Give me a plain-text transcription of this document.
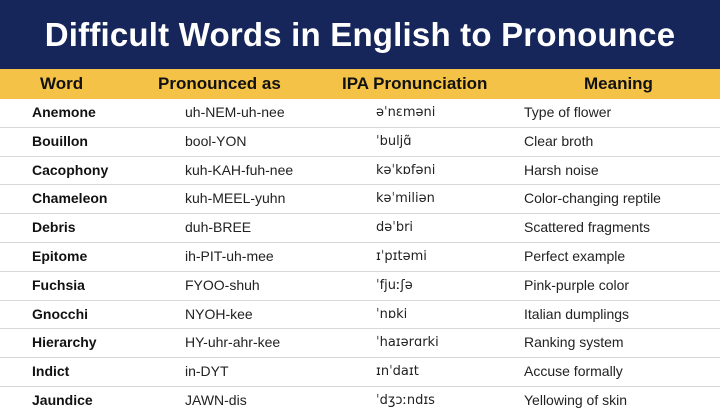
Difficult Words in English to Pronounce
Word	Pronounced as	IPA Pronunciation	Meaning
Anemone	uh-NEM-uh-nee	əˈnɛməni	Type of flower
Bouillon	bool-YON	ˈbuljɑ̃	Clear broth
Cacophony	kuh-KAH-fuh-nee	kəˈkɒfəni	Harsh noise
Chameleon	kuh-MEEL-yuhn	kəˈmiliən	Color-changing reptile
Debris	duh-BREE	dəˈbri	Scattered fragments
Epitome	ih-PIT-uh-mee	ɪˈpɪtəmi	Perfect example
Fuchsia	FYOO-shuh	ˈfjuːʃə	Pink-purple color
Gnocchi	NYOH-kee	ˈnɒki	Italian dumplings
Hierarchy	HY-uhr-ahr-kee	ˈhaɪərɑrki	Ranking system
Indict	in-DYT	ɪnˈdaɪt	Accuse formally
Jaundice	JAWN-dis	ˈdʒɔːndɪs	Yellowing of skin
